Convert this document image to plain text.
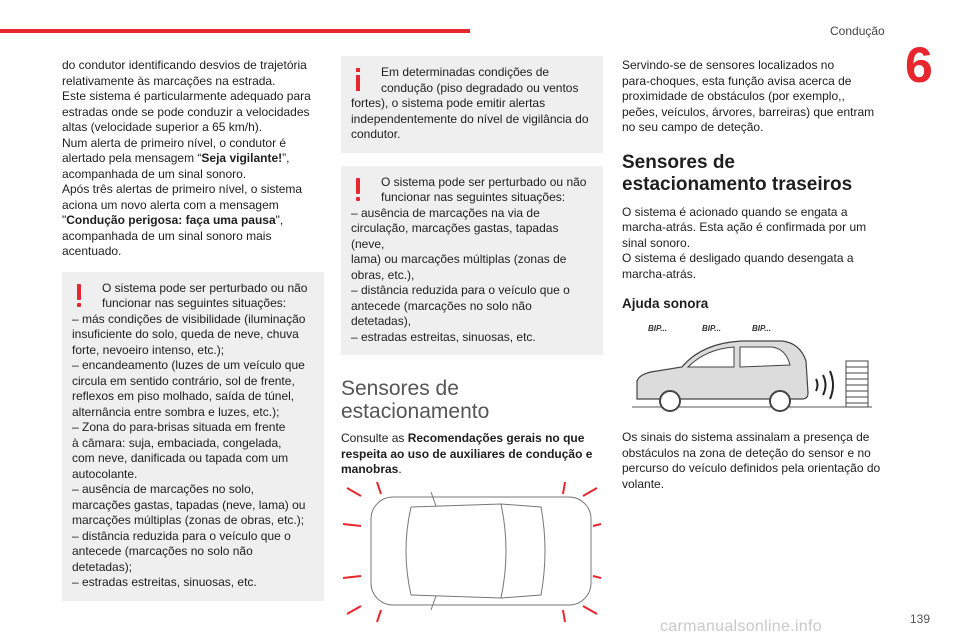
Condução
6
139
do condutor identificando desvios de trajetória
relativamente às marcações na estrada.
Este sistema é particularmente adequado para
estradas onde se pode conduzir a velocidades
altas (velocidade superior a 65 km/h).
Num alerta de primeiro nível, o condutor é
alertado pela mensagem “Seja vigilante!”,
acompanhada de um sinal sonoro.
Após três alertas de primeiro nível, o sistema
aciona um novo alerta com a mensagem
"Condução perigosa: faça uma pausa",
acompanhada de um sinal sonoro mais
acentuado.
O sistema pode ser perturbado ou não
funcionar nas seguintes situações:
– más condições de visibilidade (iluminação
insuficiente do solo, queda de neve, chuva
forte, nevoeiro intenso, etc.);
– encandeamento (luzes de um veículo que
circula em sentido contrário, sol de frente,
reflexos em piso molhado, saída de túnel,
alternância entre sombra e luzes, etc.);
– Zona do para-brisas situada em frente
à câmara: suja, embaciada, congelada,
com neve, danificada ou tapada com um
autocolante.
– ausência de marcações no solo,
marcações gastas, tapadas (neve, lama) ou
marcações múltiplas (zonas de obras, etc.);
– distância reduzida para o veículo que o
antecede (marcações no solo não detetadas);
– estradas estreitas, sinuosas, etc.
Em determinadas condições de
condução (piso degradado ou ventos
fortes), o sistema pode emitir alertas
independentemente do nível de vigilância do
condutor.
O sistema pode ser perturbado ou não
funcionar nas seguintes situações:
– ausência de marcações na via de
circulação, marcações gastas, tapadas (neve,
lama) ou marcações múltiplas (zonas de
obras, etc.),
– distância reduzida para o veículo que o
antecede (marcações no solo não detetadas),
– estradas estreitas, sinuosas, etc.
Sensores de
estacionamento
Consulte as Recomendações gerais no que
respeita ao uso de auxiliares de condução e
manobras.
Servindo-se de sensores localizados no
para-choques, esta função avisa acerca de
proximidade de obstáculos (por exemplo,,
peões, veículos, árvores, barreiras) que entram
no seu campo de deteção.
Sensores de
estacionamento traseiros
O sistema é acionado quando se engata a
marcha-atrás. Esta ação é confirmada por um
sinal sonoro.
O sistema é desligado quando desengata a
marcha-atrás.
Ajuda sonora
BIP...	BIP...	BIP...
Os sinais do sistema assinalam a presença de
obstáculos na zona de deteção do sensor e no
percurso do veículo definidos pela orientação do
volante.
carmanualsonline.info
